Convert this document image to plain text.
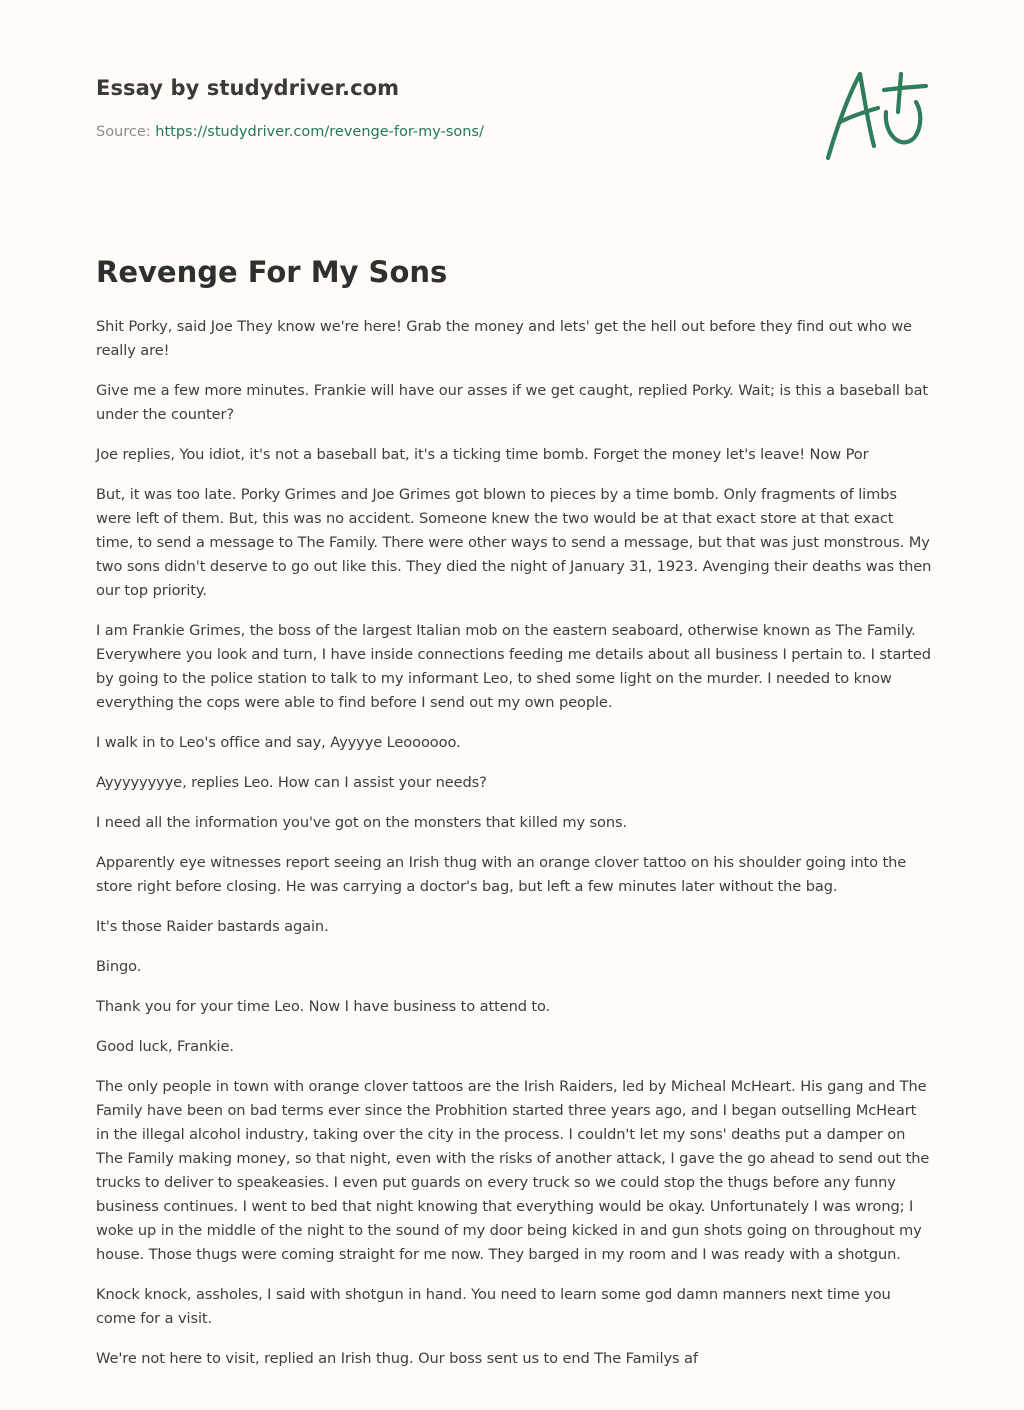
Essay by studydriver.com

Source: https://studydriver.com/revenge-for-my-sons/

Revenge For My Sons

Shit Porky, said Joe They know we're here! Grab the money and lets' get the hell out before they find out who we really are!

Give me a few more minutes. Frankie will have our asses if we get caught, replied Porky. Wait; is this a baseball bat under the counter?

Joe replies, You idiot, it's not a baseball bat, it's a ticking time bomb. Forget the money let's leave! Now Por

But, it was too late. Porky Grimes and Joe Grimes got blown to pieces by a time bomb. Only fragments of limbs were left of them. But, this was no accident. Someone knew the two would be at that exact store at that exact time, to send a message to The Family. There were other ways to send a message, but that was just monstrous. My two sons didn't deserve to go out like this. They died the night of January 31, 1923. Avenging their deaths was then our top priority.

I am Frankie Grimes, the boss of the largest Italian mob on the eastern seaboard, otherwise known as The Family. Everywhere you look and turn, I have inside connections feeding me details about all business I pertain to. I started by going to the police station to talk to my informant Leo, to shed some light on the murder. I needed to know everything the cops were able to find before I send out my own people.

I walk in to Leo's office and say, Ayyyye Leoooooo.

Ayyyyyyyye, replies Leo. How can I assist your needs?

I need all the information you've got on the monsters that killed my sons.

Apparently eye witnesses report seeing an Irish thug with an orange clover tattoo on his shoulder going into the store right before closing. He was carrying a doctor's bag, but left a few minutes later without the bag.

It's those Raider bastards again.

Bingo.

Thank you for your time Leo. Now I have business to attend to.

Good luck, Frankie.

The only people in town with orange clover tattoos are the Irish Raiders, led by Micheal McHeart. His gang and The Family have been on bad terms ever since the Probhition started three years ago, and I began outselling McHeart in the illegal alcohol industry, taking over the city in the process. I couldn't let my sons' deaths put a damper on The Family making money, so that night, even with the risks of another attack, I gave the go ahead to send out the trucks to deliver to speakeasies. I even put guards on every truck so we could stop the thugs before any funny business continues. I went to bed that night knowing that everything would be okay. Unfortunately I was wrong; I woke up in the middle of the night to the sound of my door being kicked in and gun shots going on throughout my house. Those thugs were coming straight for me now. They barged in my room and I was ready with a shotgun.

Knock knock, assholes, I said with shotgun in hand. You need to learn some god damn manners next time you come for a visit.

We're not here to visit, replied an Irish thug. Our boss sent us to end The Familys af
